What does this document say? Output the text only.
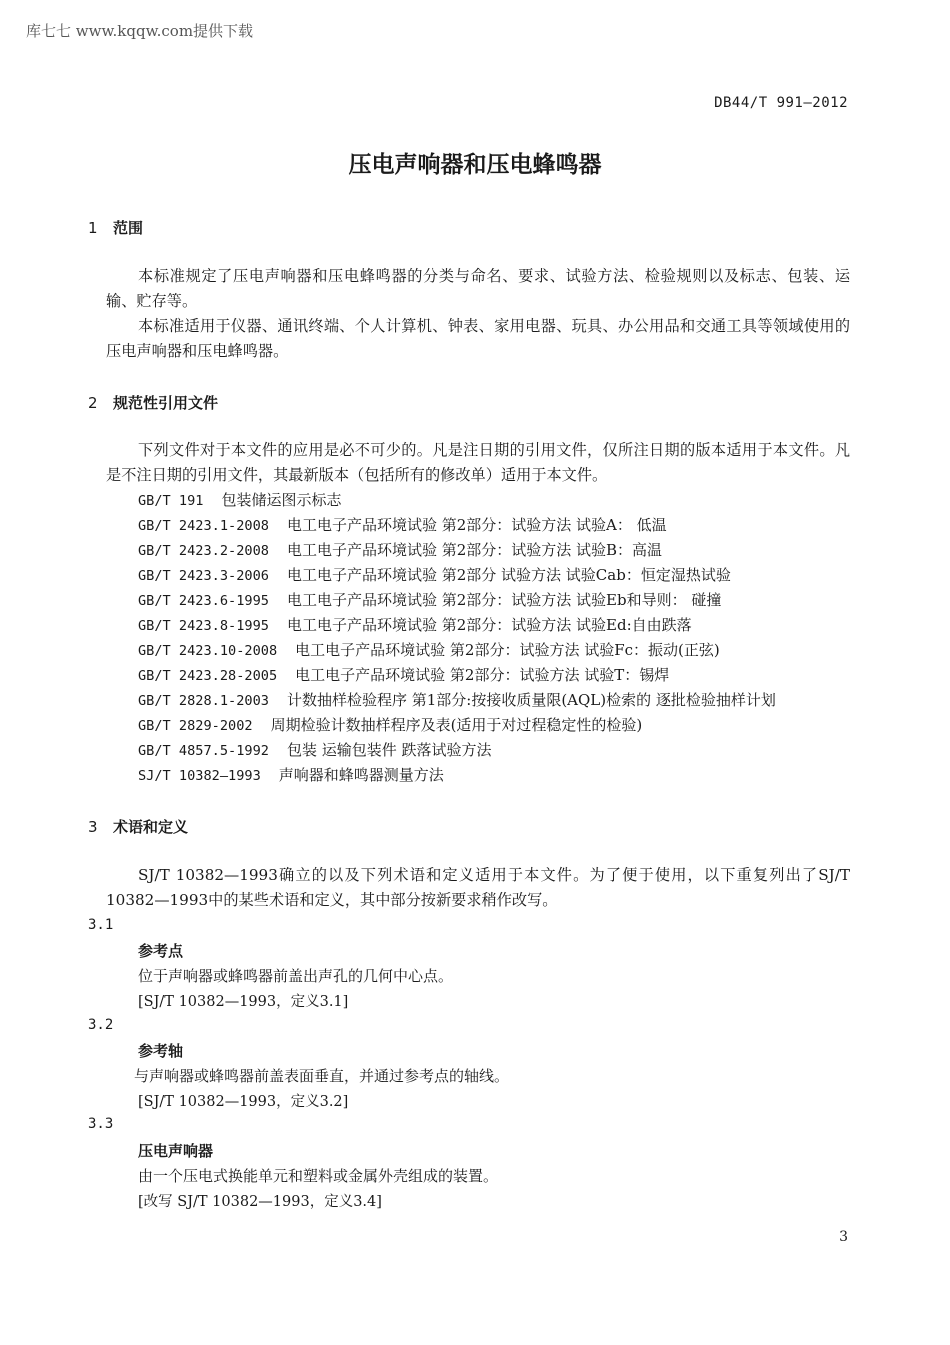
库七七 www.kqqw.com提供下载
DB44/T 991—2012
压电声响器和压电蜂鸣器
1 范围
本标准规定了压电声响器和压电蜂鸣器的分类与命名、要求、试验方法、检验规则以及标志、包装、运输、贮存等。
本标准适用于仪器、通讯终端、个人计算机、钟表、家用电器、玩具、办公用品和交通工具等领域使用的压电声响器和压电蜂鸣器。
2 规范性引用文件
下列文件对于本文件的应用是必不可少的。凡是注日期的引用文件，仅所注日期的版本适用于本文件。凡是不注日期的引用文件，其最新版本（包括所有的修改单）适用于本文件。
GB/T 191 包装储运图示标志
GB/T 2423.1-2008 电工电子产品环境试验 第2部分：试验方法 试验A： 低温
GB/T 2423.2-2008 电工电子产品环境试验 第2部分：试验方法 试验B：高温
GB/T 2423.3-2006 电工电子产品环境试验 第2部分 试验方法 试验Cab：恒定湿热试验
GB/T 2423.6-1995 电工电子产品环境试验 第2部分：试验方法 试验Eb和导则： 碰撞
GB/T 2423.8-1995 电工电子产品环境试验 第2部分：试验方法 试验Ed:自由跌落
GB/T 2423.10-2008 电工电子产品环境试验 第2部分：试验方法 试验Fc：振动(正弦)
GB/T 2423.28-2005 电工电子产品环境试验 第2部分：试验方法 试验T：锡焊
GB/T 2828.1-2003 计数抽样检验程序 第1部分:按接收质量限(AQL)检索的 逐批检验抽样计划
GB/T 2829-2002 周期检验计数抽样程序及表(适用于对过程稳定性的检验)
GB/T 4857.5-1992 包装 运输包装件 跌落试验方法
SJ/T 10382—1993 声响器和蜂鸣器测量方法
3 术语和定义
SJ/T 10382—1993确立的以及下列术语和定义适用于本文件。为了便于使用，以下重复列出了SJ/T 10382—1993中的某些术语和定义，其中部分按新要求稍作改写。
3.1
参考点
位于声响器或蜂鸣器前盖出声孔的几何中心点。
[SJ/T 10382—1993，定义3.1]
3.2
参考轴
与声响器或蜂鸣器前盖表面垂直，并通过参考点的轴线。
[SJ/T 10382—1993，定义3.2]
3.3
压电声响器
由一个压电式换能单元和塑料或金属外壳组成的装置。
[改写 SJ/T 10382—1993，定义3.4]
3
